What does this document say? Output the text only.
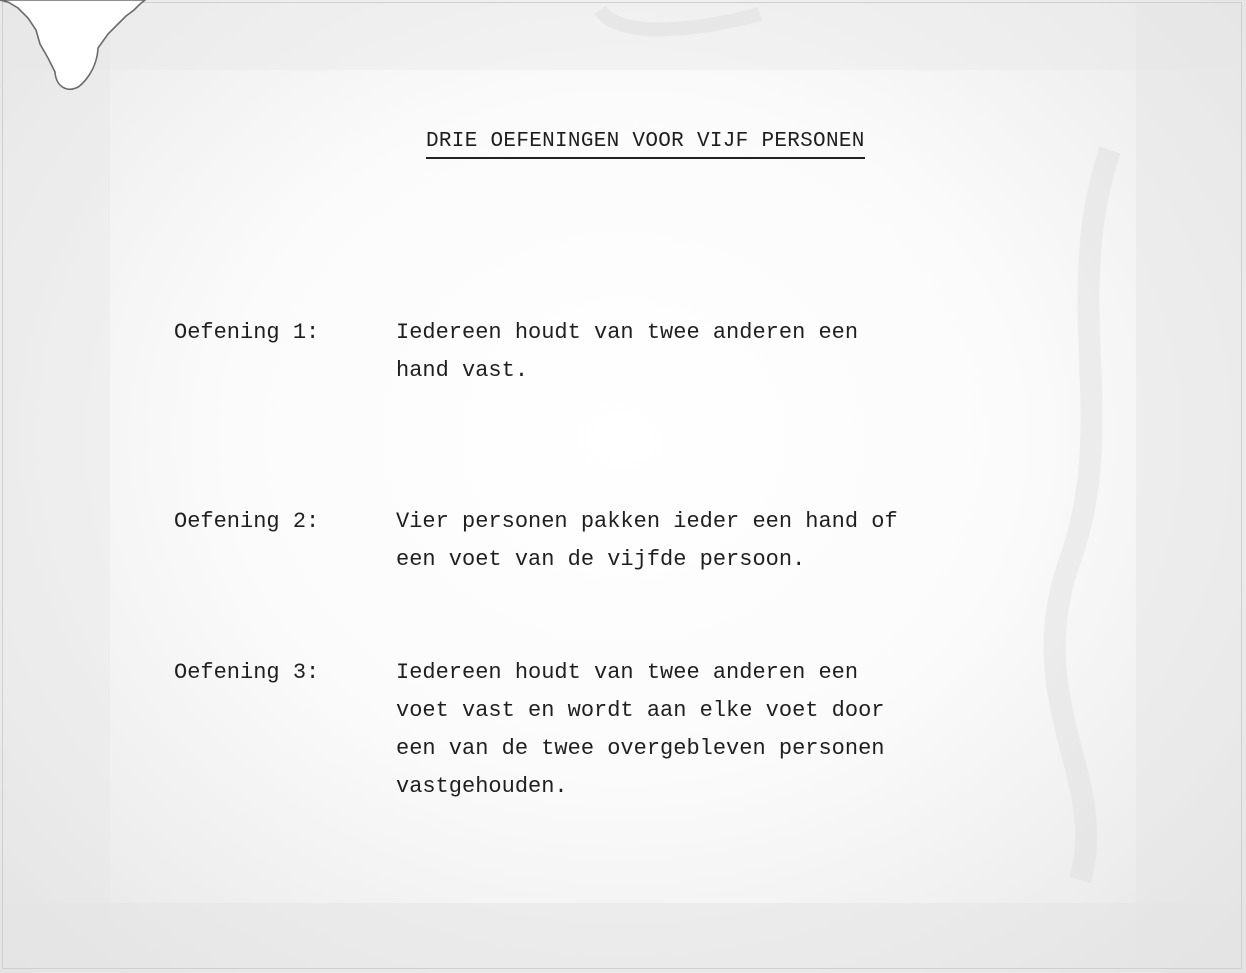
DRIE OEFENINGEN VOOR VIJF PERSONEN
Oefening 1:	Iedereen houdt van twee anderen een
hand vast.
Oefening 2:	Vier personen pakken ieder een hand of
een voet van de vijfde persoon.
Oefening 3:	Iedereen houdt van twee anderen een
voet vast en wordt aan elke voet door
een van de twee overgebleven personen
vastgehouden.
